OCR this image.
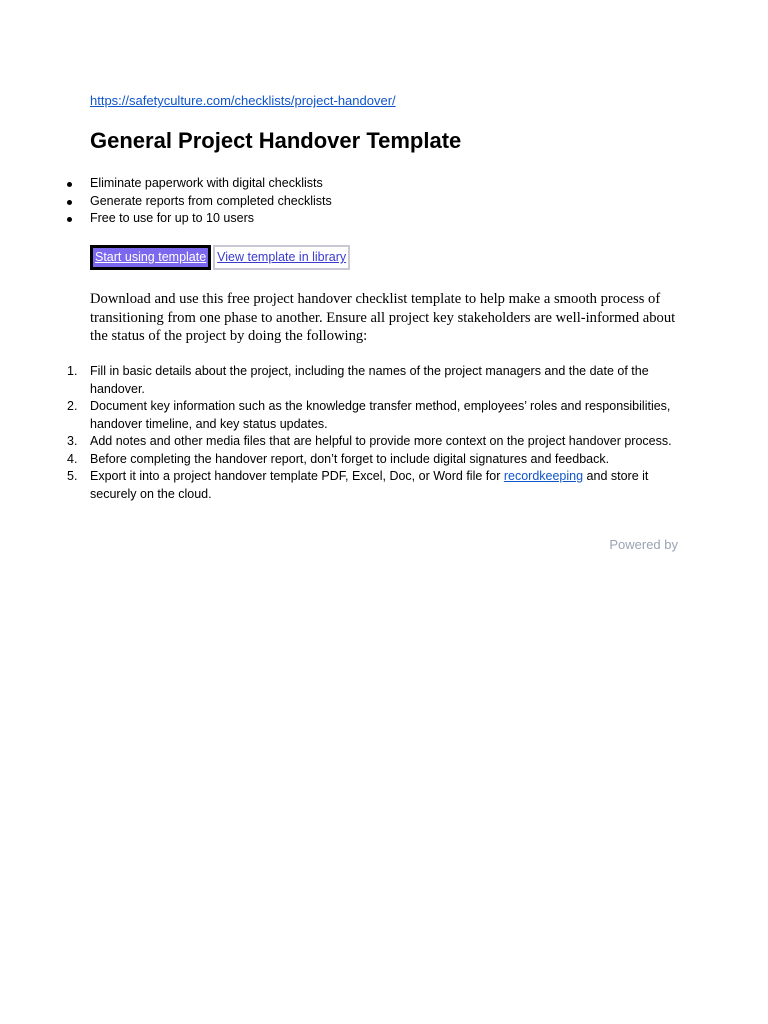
https://safetyculture.com/checklists/project-handover/
General Project Handover Template
Eliminate paperwork with digital checklists
Generate reports from completed checklists
Free to use for up to 10 users
Start using template View template in library

Download and use this free project handover checklist template to help make a smooth process of transitioning from one phase to another. Ensure all project key stakeholders are well-informed about the status of the project by doing the following:

1. Fill in basic details about the project, including the names of the project managers and the date of the handover.
2. Document key information such as the knowledge transfer method, employees’ roles and responsibilities, handover timeline, and key status updates.
3. Add notes and other media files that are helpful to provide more context on the project handover process.
4. Before completing the handover report, don’t forget to include digital signatures and feedback.
5. Export it into a project handover template PDF, Excel, Doc, or Word file for recordkeeping and store it securely on the cloud.
Powered by
